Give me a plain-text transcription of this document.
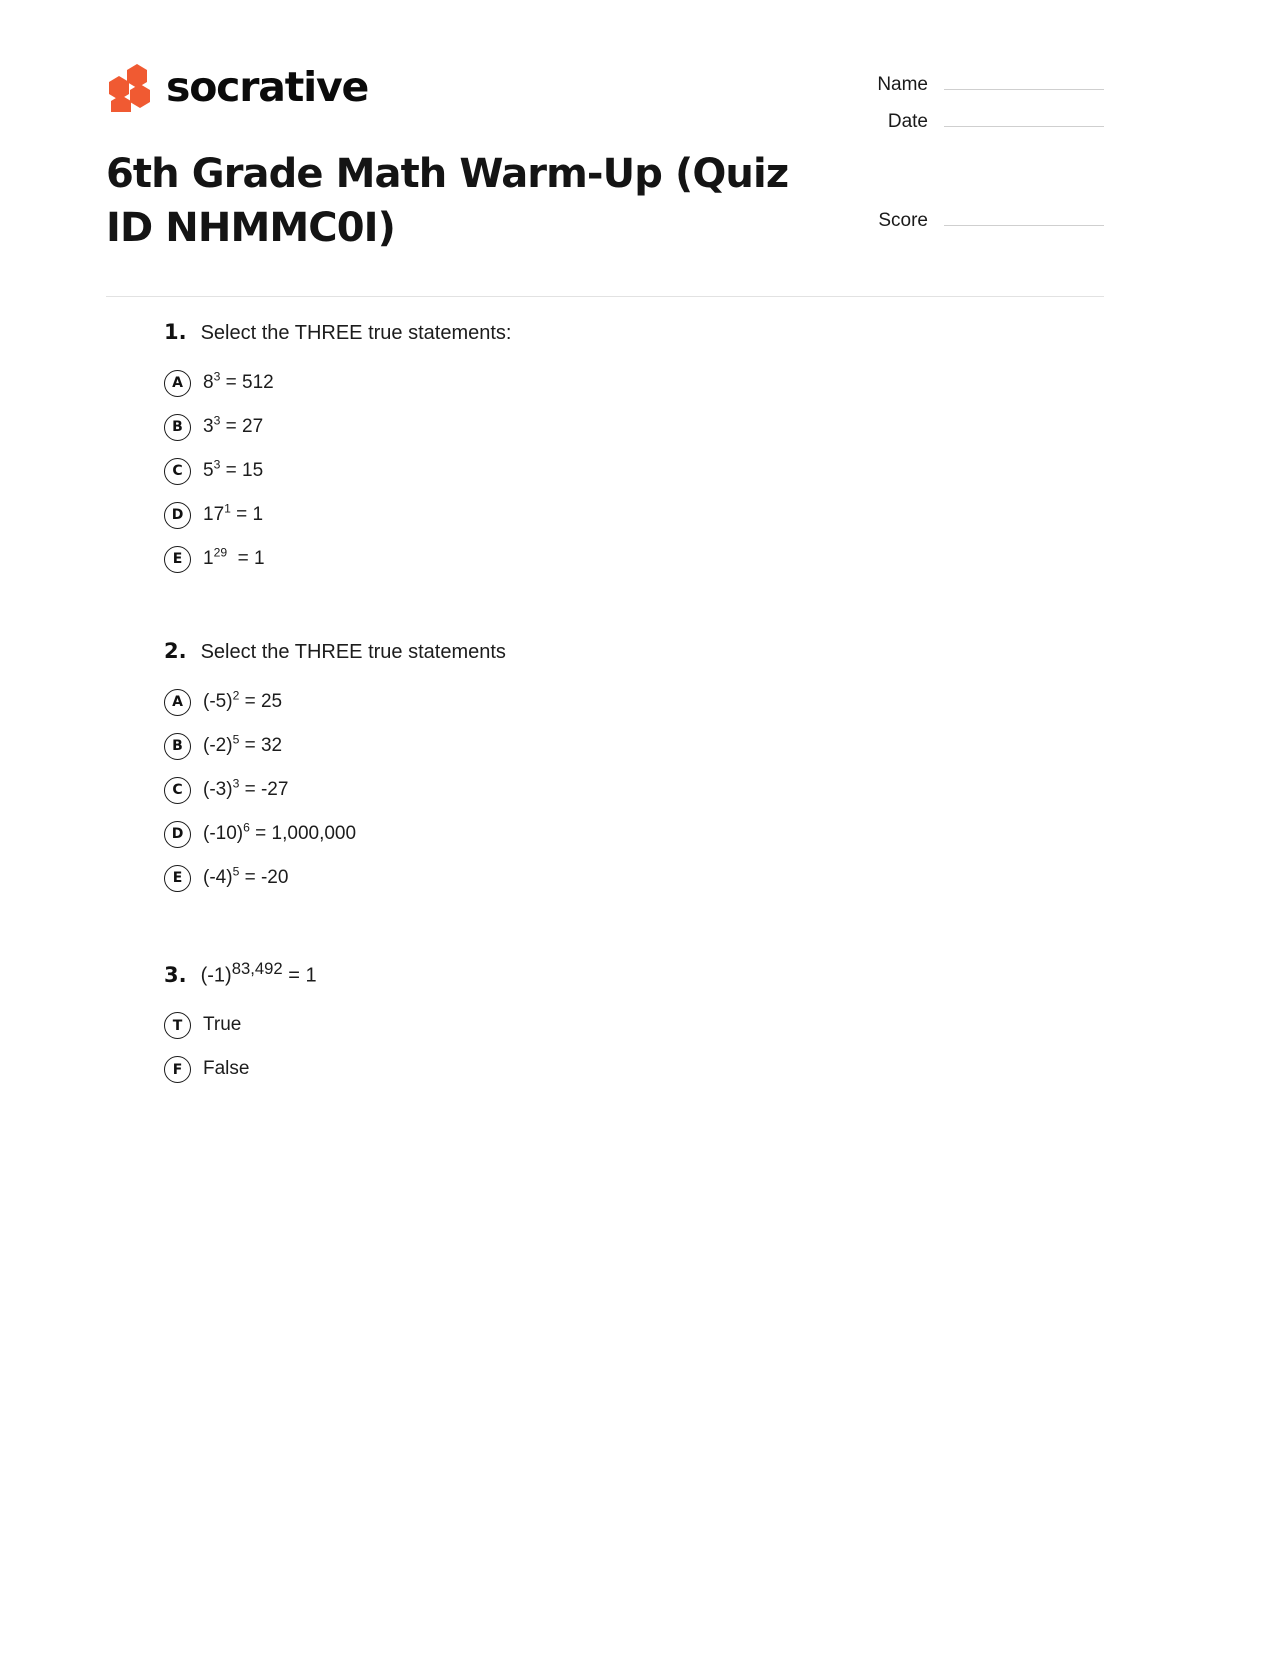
socrative	Name
Date
Score
6th Grade Math Warm-Up (Quiz ID NHMMC0I)
1. Select the THREE true statements:
A	$8^3 = 512$
B	$3^3 = 27$
C	$5^3 = 15$
D	$17^1 = 1$
E	$1^{29} = 1$
2. Select the THREE true statements
A	$(-5)^2 = 25$
B	$(-2)^5 = 32$
C	$(-3)^3 = -27$
D	$(-10)^6 = 1,000,000$
E	$(-4)^5 = -20$
3. $(-1)^{83,492} = 1$
T	True
F	False
